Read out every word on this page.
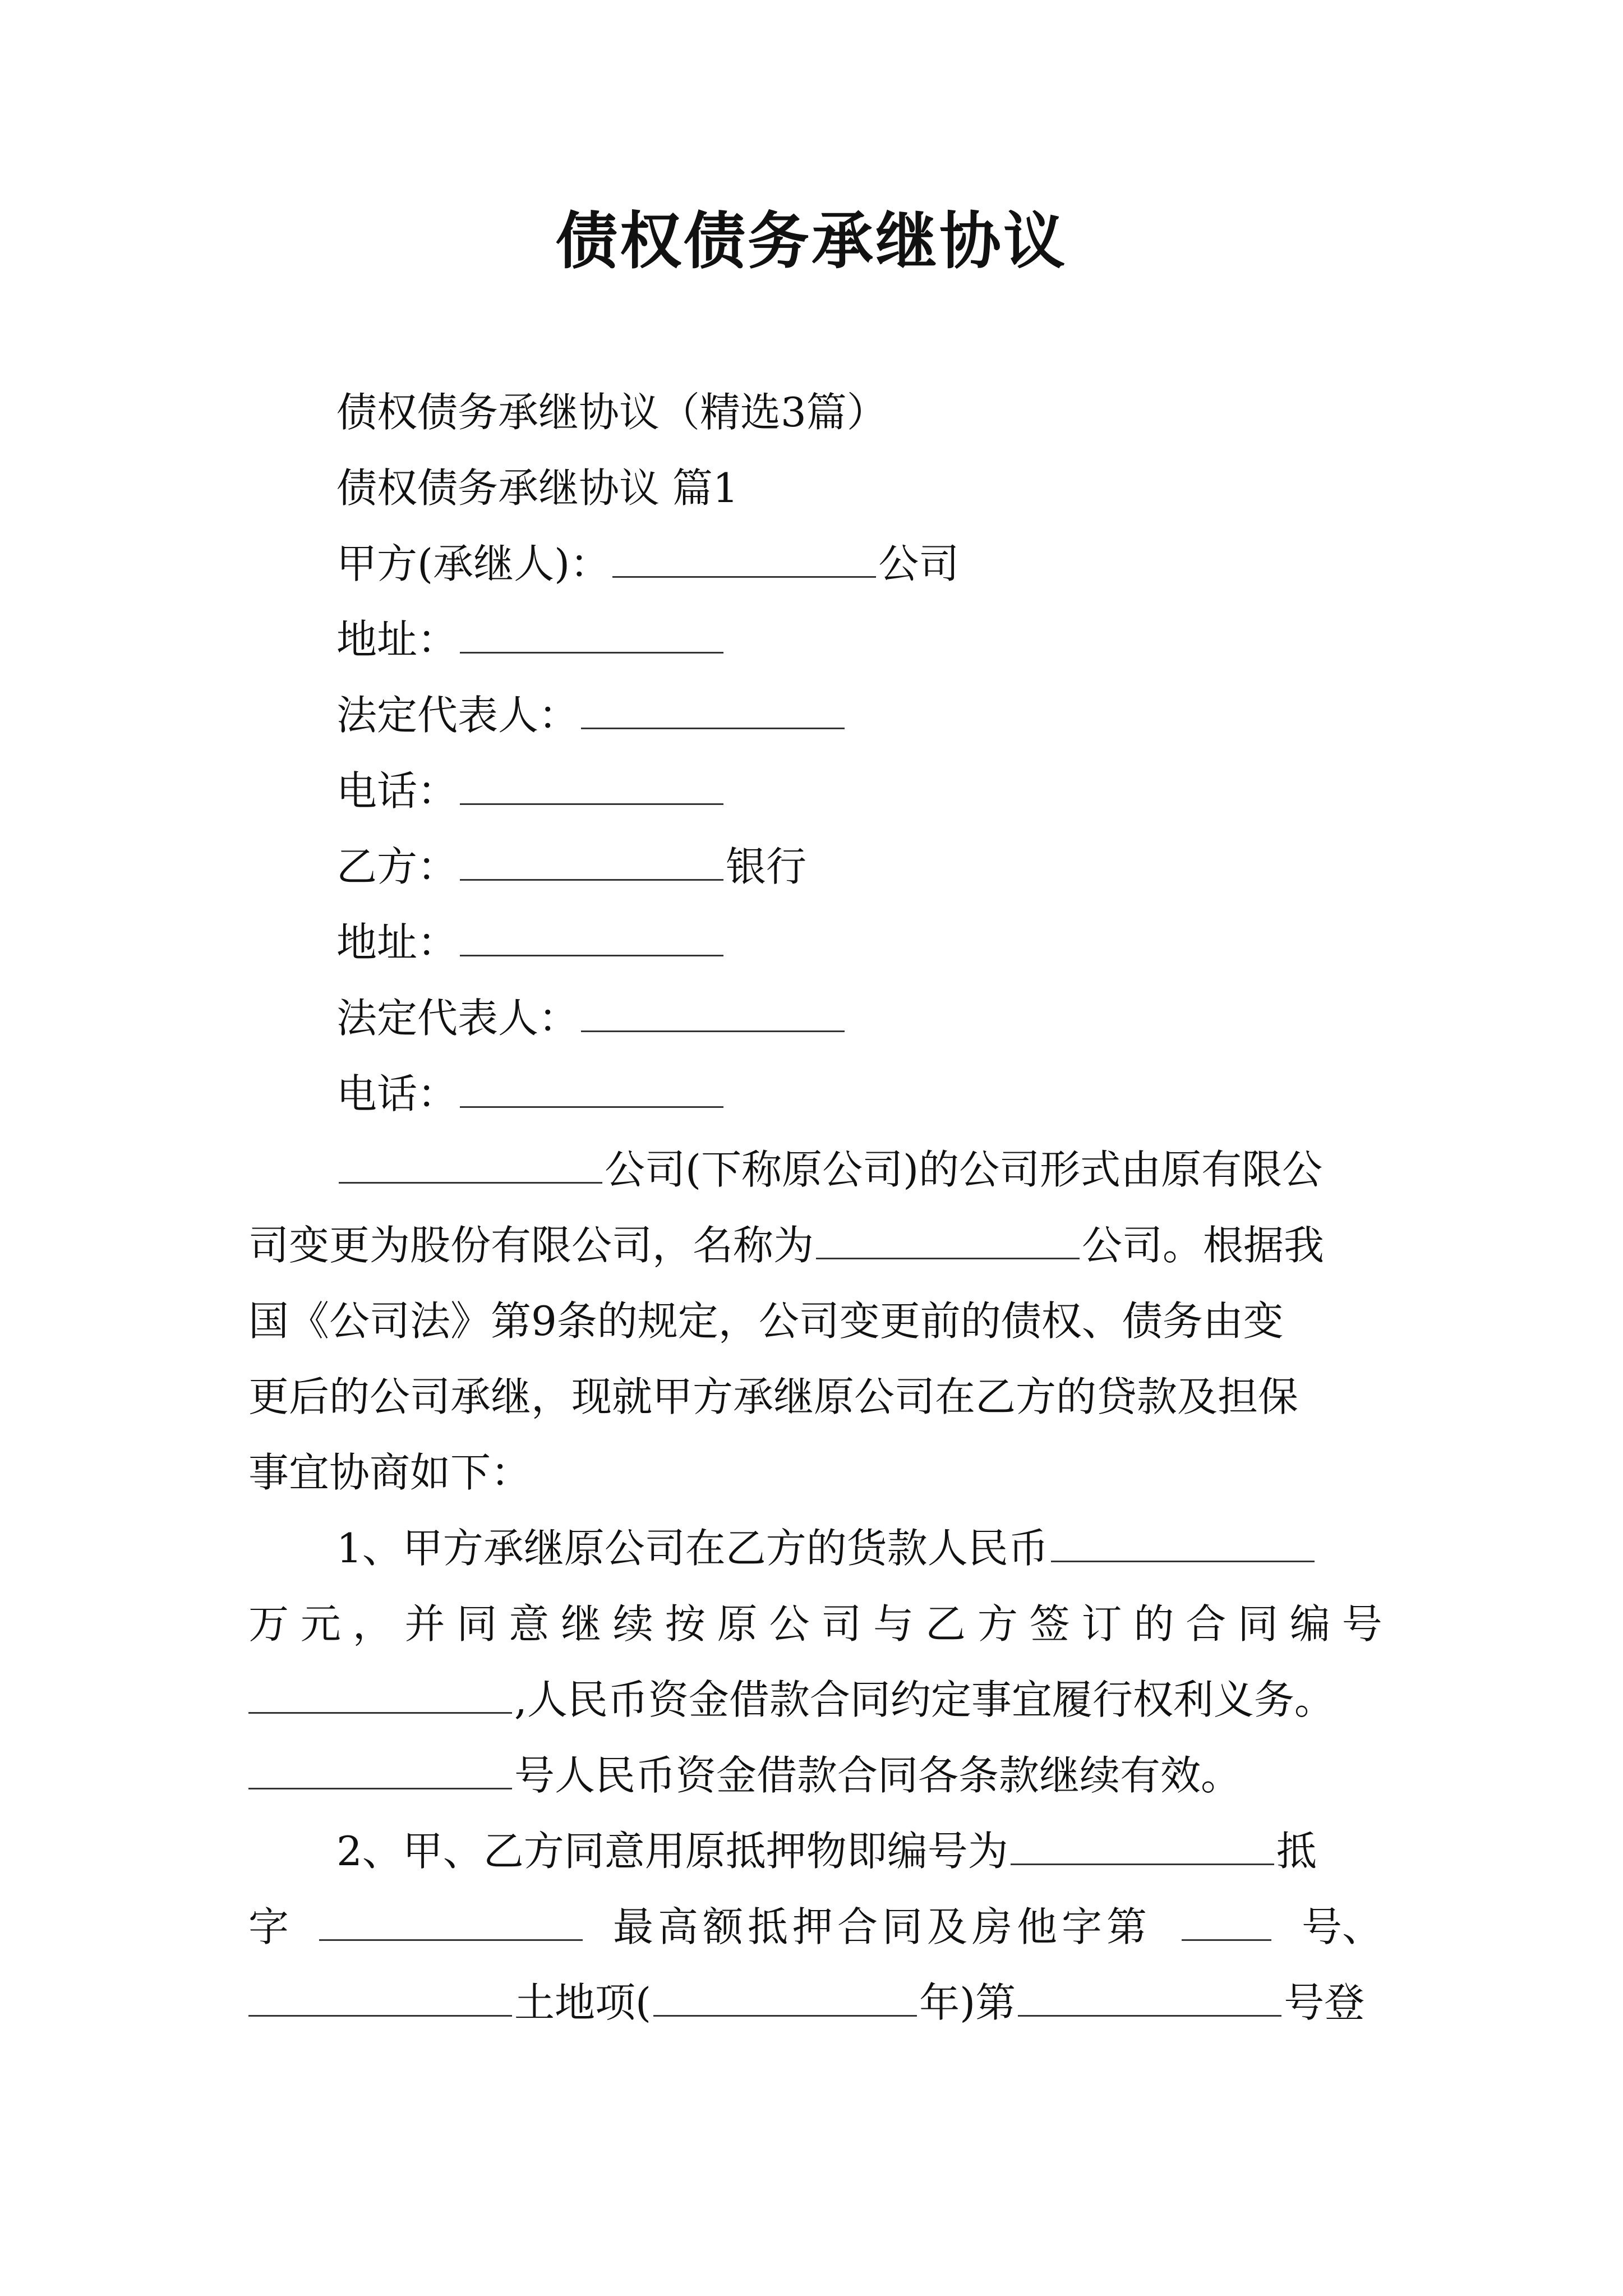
债权债务承继协议
债权债务承继协议（精选3篇）
债权债务承继协议 篇1
甲方(承继人)：	公司
地址：
法定代表人：
电话：
乙方：	银行
地址：
法定代表人：
电话：
公司(下称原公司)的公司形式由原有限公
司变更为股份有限公司，名称为	公司。根据我
国《公司法》第9条的规定，公司变更前的债权、债务由变
更后的公司承继，现就甲方承继原公司在乙方的贷款及担保
事宜协商如下：
1、甲方承继原公司在乙方的货款人民币
万 元 ， 并 同 意 继 续 按 原 公 司 与 乙 方 签 订 的 合 同 编 号
,人民币资金借款合同约定事宜履行权利义务。
号人民币资金借款合同各条款继续有效。
2、甲、乙方同意用原抵押物即编号为	抵
字	最高额抵押合同及房他字第	号、
土地项(	年)第	号登
